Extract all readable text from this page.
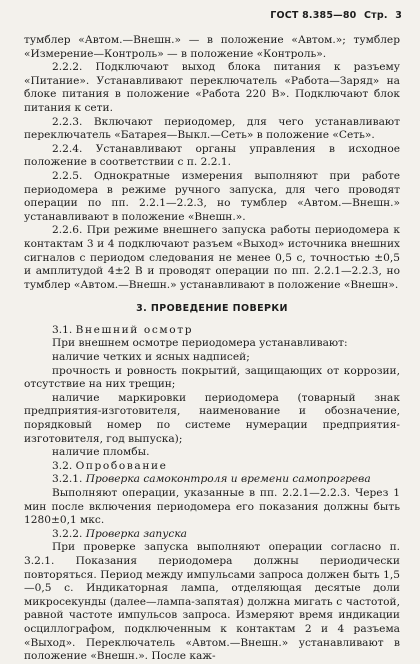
ГОСТ 8.385—80 Стр. 3

тумблер «Автом.—Внешн.» — в положение «Автом.»; тумблер «Измерение—Контроль» — в положение «Контроль».

2.2.2. Подключают выход блока питания к разъему «Питание». Устанавливают переключатель «Работа—Заряд» на блоке питания в положение «Работа 220 В». Подключают блок питания к сети.

2.2.3. Включают периодомер, для чего устанавливают переключатель «Батарея—Выкл.—Сеть» в положение «Сеть».

2.2.4. Устанавливают органы управления в исходное положение в соответствии с п. 2.2.1.

2.2.5. Однократные измерения выполняют при работе периодомера в режиме ручного запуска, для чего проводят операции по пп. 2.2.1—2.2.3, но тумблер «Автом.—Внешн.» устанавливают в положение «Внешн.».

2.2.6. При режиме внешнего запуска работы периодомера к контактам 3 и 4 подключают разъем «Выход» источника внешних сигналов с периодом следования не менее 0,5 с, точностью ±0,5 и амплитудой 4±2 В и проводят операции по пп. 2.2.1—2.2.3, но тумблер «Автом.—Внешн.» устанавливают в положение «Внешн».

3. ПРОВЕДЕНИЕ ПОВЕРКИ

3.1. Внешний осмотр

При внешнем осмотре периодомера устанавливают:

наличие четких и ясных надписей;

прочность и ровность покрытий, защищающих от коррозии, отсутствие на них трещин;

наличие маркировки периодомера (товарный знак предприятия-изготовителя, наименование и обозначение, порядковый номер по системе нумерации предприятия-изготовителя, год выпуска);

наличие пломбы.

3.2. Опробование

3.2.1. Проверка самоконтроля и времени самопрогрева

Выполняют операции, указанные в пп. 2.2.1—2.2.3. Через 1 мин после включения периодомера его показания должны быть 1280±0,1 мкс.

3.2.2. Проверка запуска

При проверке запуска выполняют операции согласно п. 3.2.1. Показания периодомера должны периодически повторяться. Период между импульсами запроса должен быть 1,5—0,5 с. Индикаторная лампа, отделяющая десятые доли микросекунды (далее—лампа-запятая) должна мигать с частотой, равной частоте импульсов запроса. Измеряют время индикации осциллографом, подключенным к контактам 2 и 4 разъема «Выход». Переключатель «Автом.—Внешн.» устанавливают в положение «Внешн.». После каж-
